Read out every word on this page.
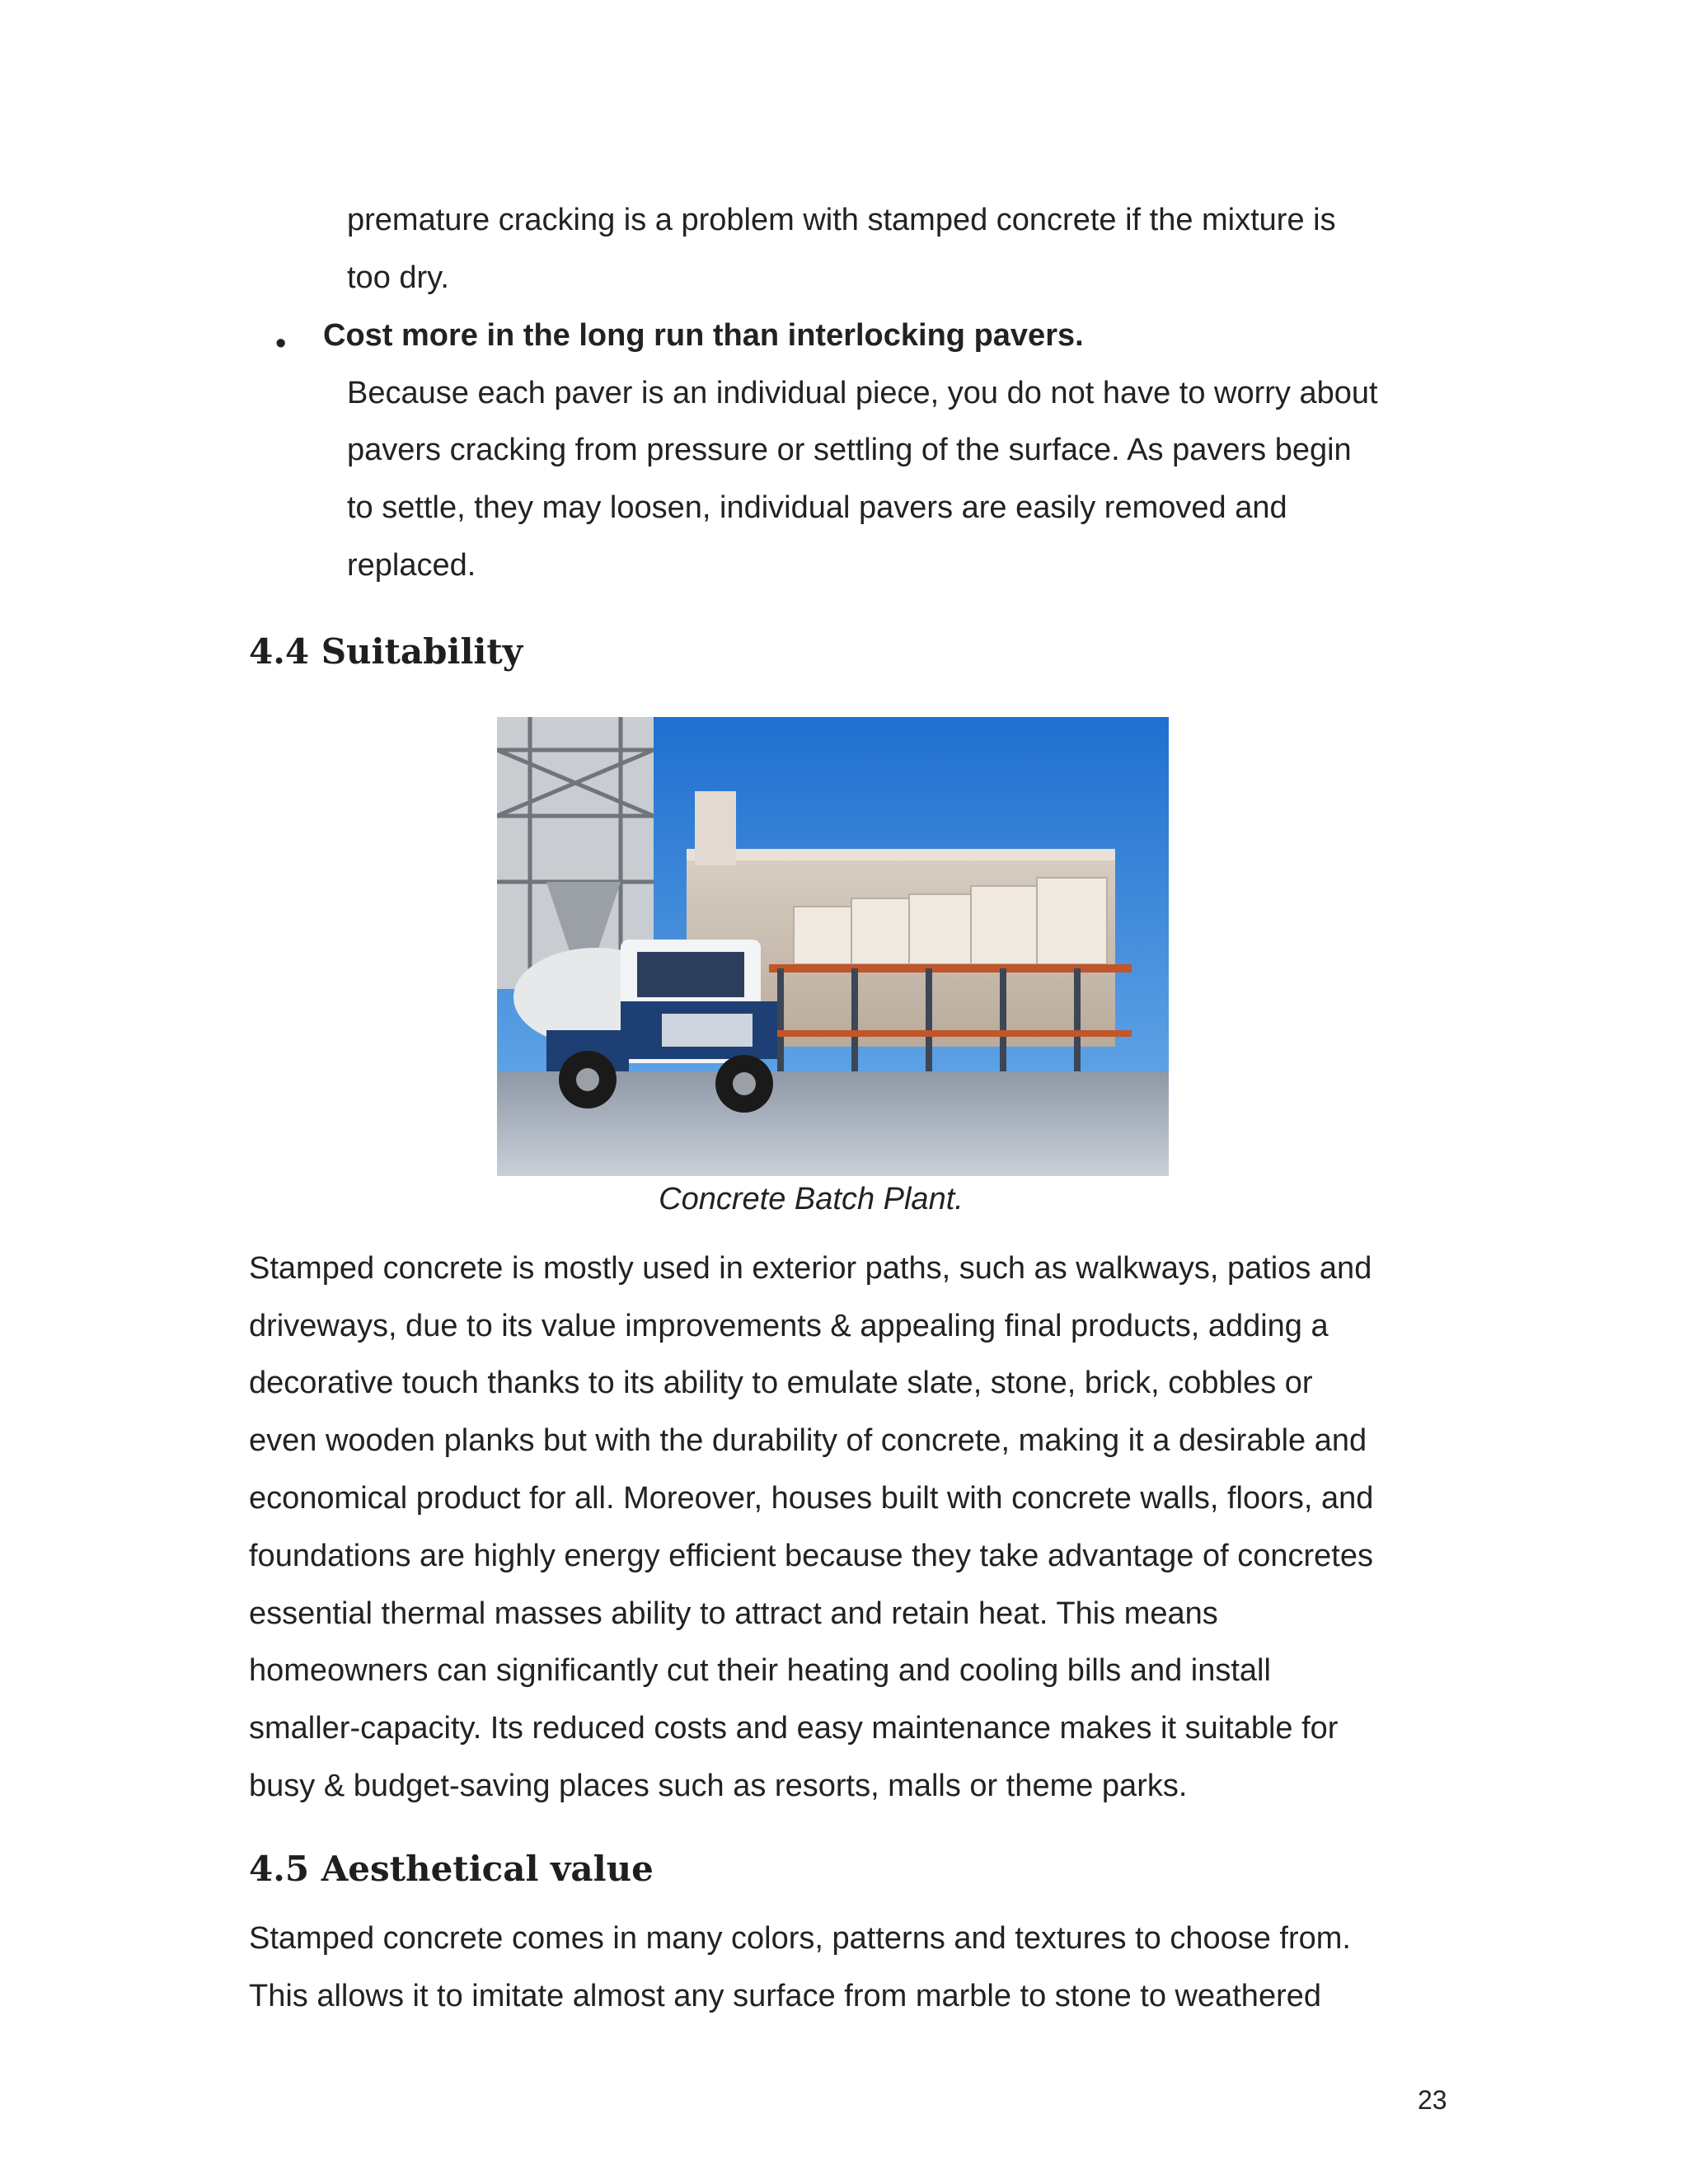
premature cracking is a problem with stamped concrete if the mixture is
too dry.
• Cost more in the long run than interlocking pavers.
Because each paver is an individual piece, you do not have to worry about
pavers cracking from pressure or settling of the surface. As pavers begin
to settle, they may loosen, individual pavers are easily removed and
replaced.
4.4 Suitability
Concrete Batch Plant.
Stamped concrete is mostly used in exterior paths, such as walkways, patios and
driveways, due to its value improvements & appealing final products, adding a
decorative touch thanks to its ability to emulate slate, stone, brick, cobbles or
even wooden planks but with the durability of concrete, making it a desirable and
economical product for all. Moreover, houses built with concrete walls, floors, and
foundations are highly energy efficient because they take advantage of concretes
essential thermal masses ability to attract and retain heat. This means
homeowners can significantly cut their heating and cooling bills and install
smaller-capacity. Its reduced costs and easy maintenance makes it suitable for
busy & budget-saving places such as resorts, malls or theme parks.
4.5 Aesthetical value
Stamped concrete comes in many colors, patterns and textures to choose from.
This allows it to imitate almost any surface from marble to stone to weathered
23
